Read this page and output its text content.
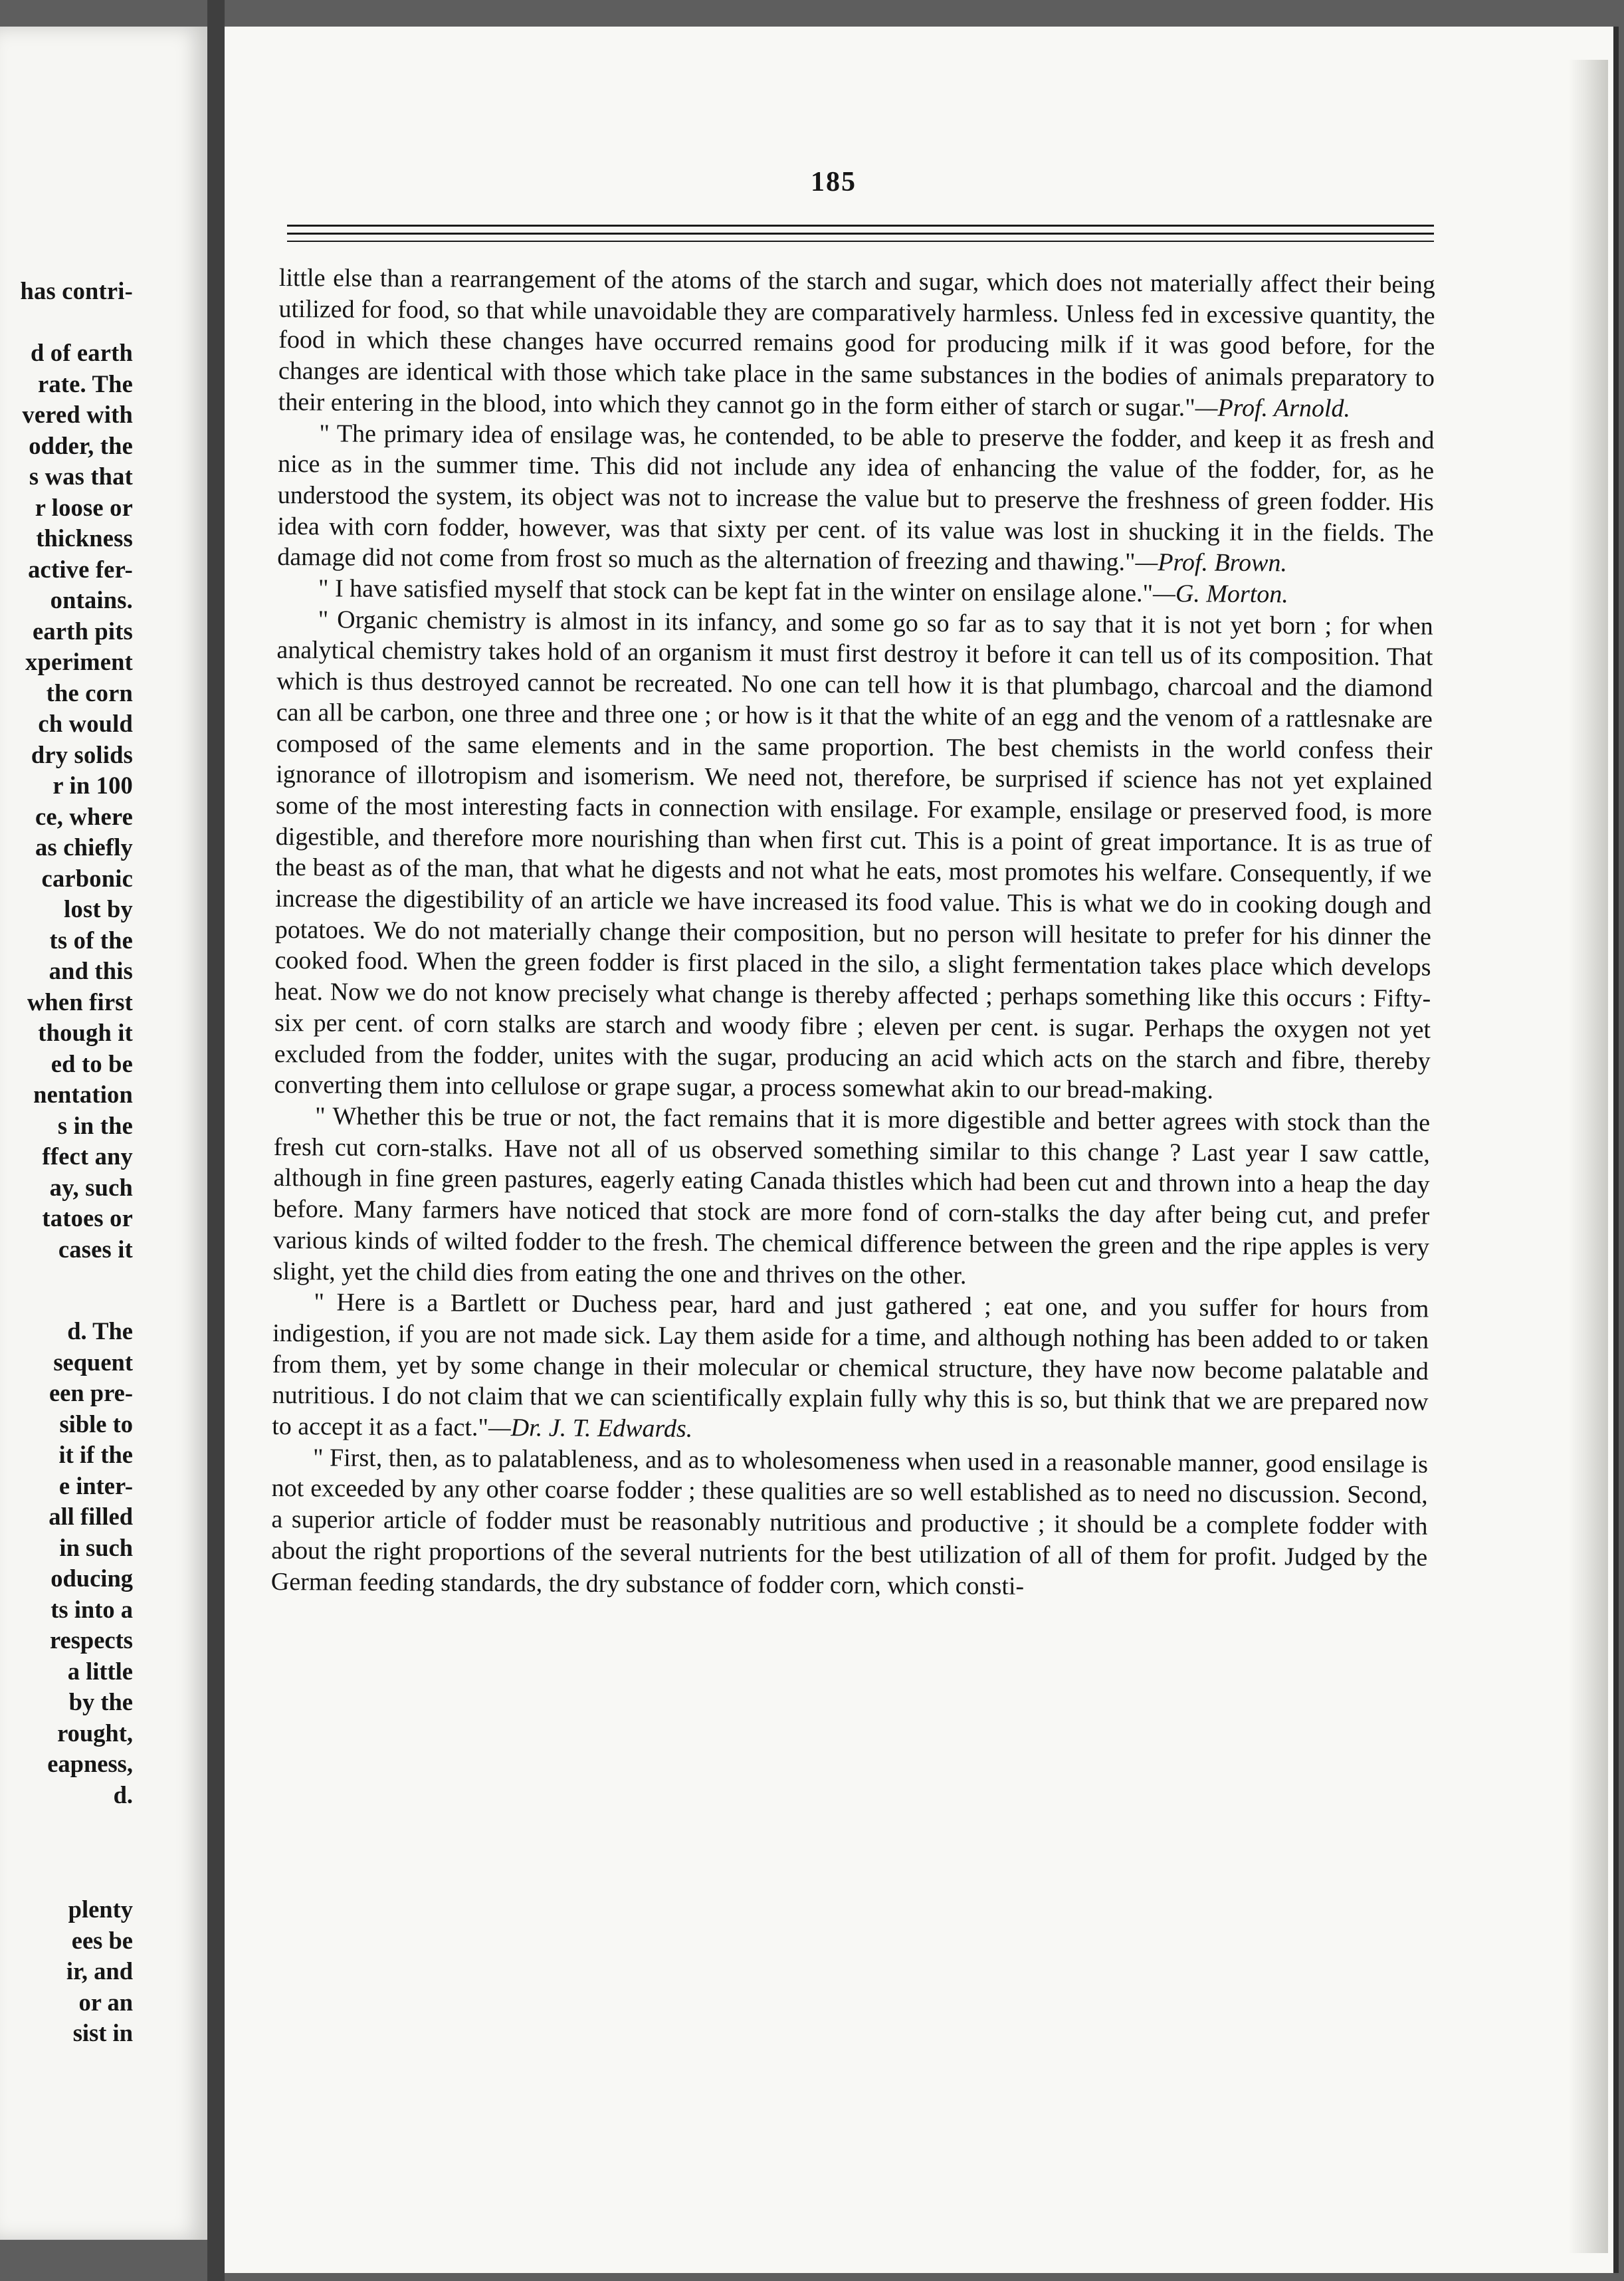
has contri-
d of earth
rate. The
vered with
odder, the
s was that
r loose or
thickness
active fer-
ontains.
earth pits
xperiment
the corn
ch would
dry solids
r in 100
ce, where
as chiefly
carbonic
lost by
ts of the
and this
when first
though it
ed to be
nentation
s in the
ffect any
ay, such
tatoes or
cases it
d. The
sequent
een pre-
sible to
it if the
e inter-
all filled
in such
oducing
ts into a
respects
a little
by the
rought,
eapness,
d.
plenty
ees be
ir, and
or an
sist in
185

little else than a rearrangement of the atoms of the starch and sugar, which does not materially affect their being utilized for food, so that while unavoidable they are comparatively harmless. Unless fed in excessive quantity, the food in which these changes have occurred remains good for producing milk if it was good before, for the changes are identical with those which take place in the same substances in the bodies of animals preparatory to their entering in the blood, into which they cannot go in the form either of starch or sugar."—Prof. Arnold.

" The primary idea of ensilage was, he contended, to be able to preserve the fodder, and keep it as fresh and nice as in the summer time. This did not include any idea of enhancing the value of the fodder, for, as he understood the system, its object was not to increase the value but to preserve the freshness of green fodder. His idea with corn fodder, however, was that sixty per cent. of its value was lost in shucking it in the fields. The damage did not come from frost so much as the alternation of freezing and thawing."—Prof. Brown.

" I have satisfied myself that stock can be kept fat in the winter on ensilage alone."—G. Morton.

" Organic chemistry is almost in its infancy, and some go so far as to say that it is not yet born ; for when analytical chemistry takes hold of an organism it must first destroy it before it can tell us of its composition. That which is thus destroyed cannot be recreated. No one can tell how it is that plumbago, charcoal and the diamond can all be carbon, one three and three one ; or how is it that the white of an egg and the venom of a rattlesnake are composed of the same elements and in the same proportion. The best chemists in the world confess their ignorance of illotropism and isomerism. We need not, therefore, be surprised if science has not yet explained some of the most interesting facts in connection with ensilage. For example, ensilage or preserved food, is more digestible, and therefore more nourishing than when first cut. This is a point of great importance. It is as true of the beast as of the man, that what he digests and not what he eats, most promotes his welfare. Consequently, if we increase the digestibility of an article we have increased its food value. This is what we do in cooking dough and potatoes. We do not materially change their composition, but no person will hesitate to prefer for his dinner the cooked food. When the green fodder is first placed in the silo, a slight fermentation takes place which develops heat. Now we do not know precisely what change is thereby affected ; perhaps something like this occurs : Fifty-six per cent. of corn stalks are starch and woody fibre ; eleven per cent. is sugar. Perhaps the oxygen not yet excluded from the fodder, unites with the sugar, producing an acid which acts on the starch and fibre, thereby converting them into cellulose or grape sugar, a process somewhat akin to our bread-making.

" Whether this be true or not, the fact remains that it is more digestible and better agrees with stock than the fresh cut corn-stalks. Have not all of us observed something similar to this change ? Last year I saw cattle, although in fine green pastures, eagerly eating Canada thistles which had been cut and thrown into a heap the day before. Many farmers have noticed that stock are more fond of corn-stalks the day after being cut, and prefer various kinds of wilted fodder to the fresh. The chemical difference between the green and the ripe apples is very slight, yet the child dies from eating the one and thrives on the other.

" Here is a Bartlett or Duchess pear, hard and just gathered ; eat one, and you suffer for hours from indigestion, if you are not made sick. Lay them aside for a time, and although nothing has been added to or taken from them, yet by some change in their molecular or chemical structure, they have now become palatable and nutritious. I do not claim that we can scientifically explain fully why this is so, but think that we are prepared now to accept it as a fact."—Dr. J. T. Edwards.

" First, then, as to palatableness, and as to wholesomeness when used in a reasonable manner, good ensilage is not exceeded by any other coarse fodder ; these qualities are so well established as to need no discussion. Second, a superior article of fodder must be reasonably nutritious and productive ; it should be a complete fodder with about the right proportions of the several nutrients for the best utilization of all of them for profit. Judged by the German feeding standards, the dry substance of fodder corn, which consti-
